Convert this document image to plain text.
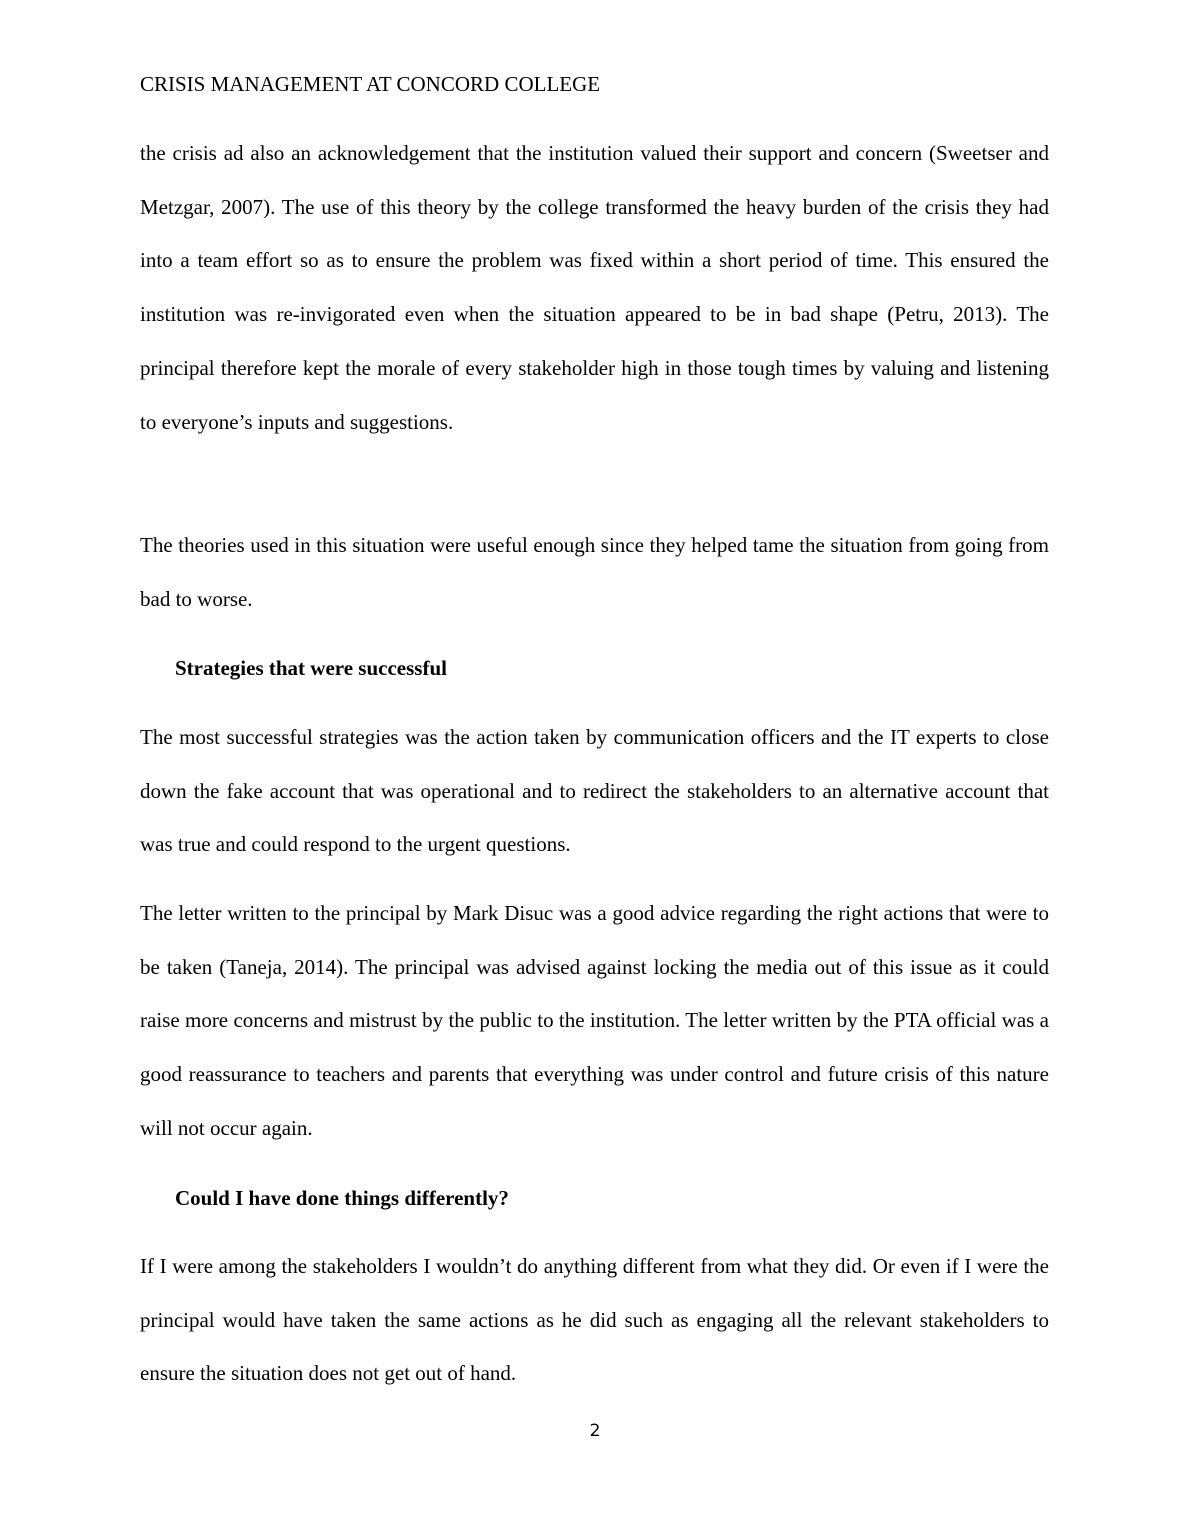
CRISIS MANAGEMENT AT CONCORD COLLEGE

the crisis ad also an acknowledgement that the institution valued their support and concern (Sweetser and Metzgar, 2007). The use of this theory by the college transformed the heavy burden of the crisis they had into a team effort so as to ensure the problem was fixed within a short period of time. This ensured the institution was re-invigorated even when the situation appeared to be in bad shape (Petru, 2013). The principal therefore kept the morale of every stakeholder high in those tough times by valuing and listening to everyone’s inputs and suggestions.

The theories used in this situation were useful enough since they helped tame the situation from going from bad to worse.

Strategies that were successful

The most successful strategies was the action taken by communication officers and the IT experts to close down the fake account that was operational and to redirect the stakeholders to an alternative account that was true and could respond to the urgent questions.

The letter written to the principal by Mark Disuc was a good advice regarding the right actions that were to be taken (Taneja, 2014). The principal was advised against locking the media out of this issue as it could raise more concerns and mistrust by the public to the institution. The letter written by the PTA official was a good reassurance to teachers and parents that everything was under control and future crisis of this nature will not occur again.

Could I have done things differently?

If I were among the stakeholders I wouldn’t do anything different from what they did. Or even if I were the principal would have taken the same actions as he did such as engaging all the relevant stakeholders to ensure the situation does not get out of hand.

2
